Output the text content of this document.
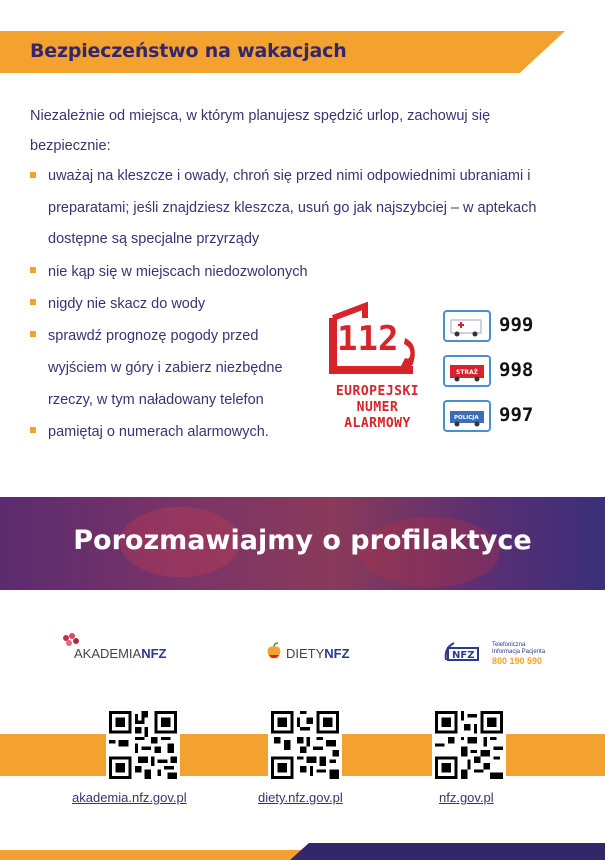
Bezpieczeństwo na wakacjach
Niezależnie od miejsca, w którym planujesz spędzić urlop, zachowuj się bezpiecznie:
uważaj na kleszcze i owady, chroń się przed nimi odpowiednimi ubraniami i preparatami; jeśli znajdziesz kleszcza, usuń go jak najszybciej – w aptekach dostępne są specjalne przyrządy
nie kąp się w miejscach niedozwolonych
nigdy nie skacz do wody
sprawdź prognozę pogody przed wyjściem w góry i zabierz niezbędne rzeczy, w tym naładowany telefon
pamiętaj o numerach alarmowych.
112
EUROPEJSKI
NUMER
ALARMOWY
999
STRAŻ 998
POLICJA 997
Porozmawiajmy o profilaktyce
AKADEMIANFZ	DIETYNFZ	NFZ
Telefoniczna
Informacja Pacjenta
800 190 590
akademia.nfz.gov.pl	diety.nfz.gov.pl	nfz.gov.pl
